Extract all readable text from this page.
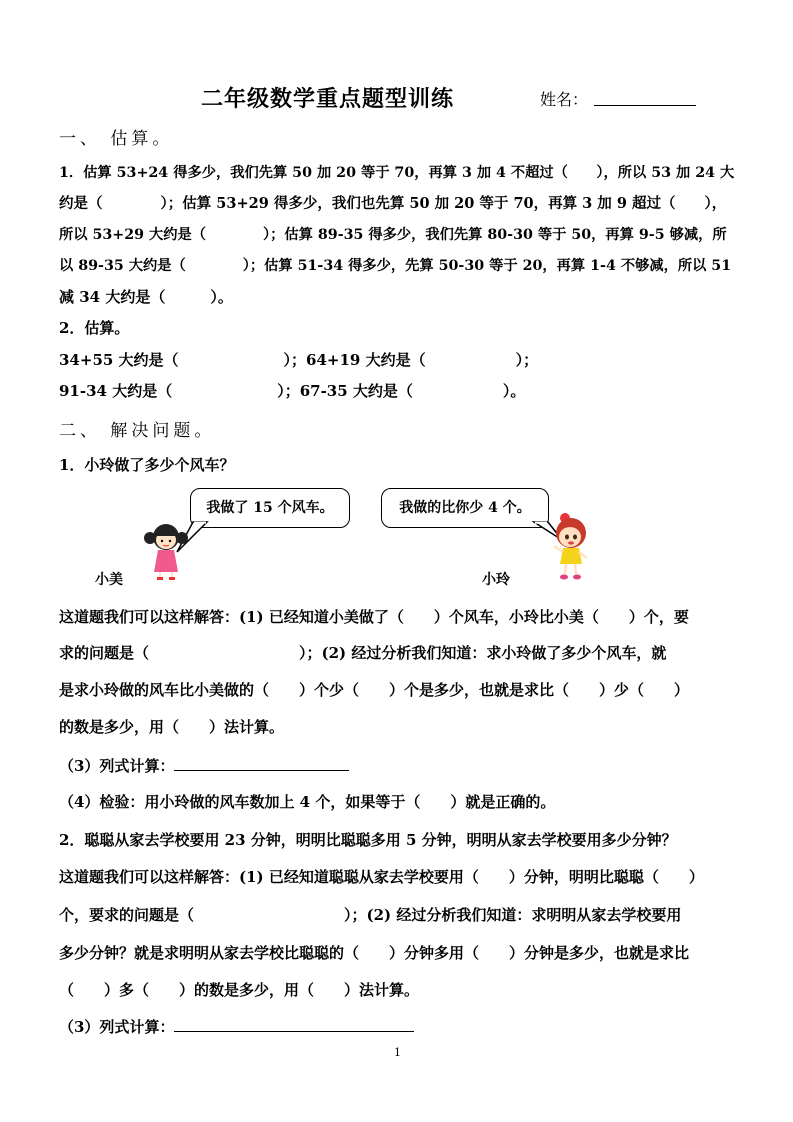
二年级数学重点题型训练	姓名：
一、 估算。
1．估算 53+24 得多少，我们先算 50 加 20 等于 70，再算 3 加 4 不超过（　　），所以 53 加 24 大
约是（　　　　）；估算 53+29 得多少，我们也先算 50 加 20 等于 70，再算 3 加 9 超过（　　），
所以 53+29 大约是（　　　　）；估算 89-35 得多少，我们先算 80-30 等于 50，再算 9-5 够减，所
以 89-35 大约是（　　　　）；估算 51-34 得多少，先算 50-30 等于 20，再算 1-4 不够减，所以 51
减 34 大约是（　　　）。
2．估算。
34+55 大约是（　　　　　　　）；64+19 大约是（　　　　　　）；
91-34 大约是（　　　　　　　）；67-35 大约是（　　　　　　）。
二、 解决问题。
1．小玲做了多少个风车？
我做了 15 个风车。	我做的比你少 4 个。
小美	小玲
这道题我们可以这样解答：(1) 已经知道小美做了（　　）个风车，小玲比小美（　　）个，要
求的问题是（　　　　　　　　　　）；(2) 经过分析我们知道：求小玲做了多少个风车，就
是求小玲做的风车比小美做的（　　）个少（　　）个是多少，也就是求比（　　）少（　　）
的数是多少，用（　　）法计算。
（3）列式计算：
（4）检验：用小玲做的风车数加上 4 个，如果等于（　　）就是正确的。
2．聪聪从家去学校要用 23 分钟，明明比聪聪多用 5 分钟，明明从家去学校要用多少分钟？
这道题我们可以这样解答：(1) 已经知道聪聪从家去学校要用（　　）分钟，明明比聪聪（　　）
个，要求的问题是（　　　　　　　　　　）；(2) 经过分析我们知道：求明明从家去学校要用
多少分钟？就是求明明从家去学校比聪聪的（　　）分钟多用（　　）分钟是多少，也就是求比
（　　）多（　　）的数是多少，用（　　）法计算。
（3）列式计算：
1
